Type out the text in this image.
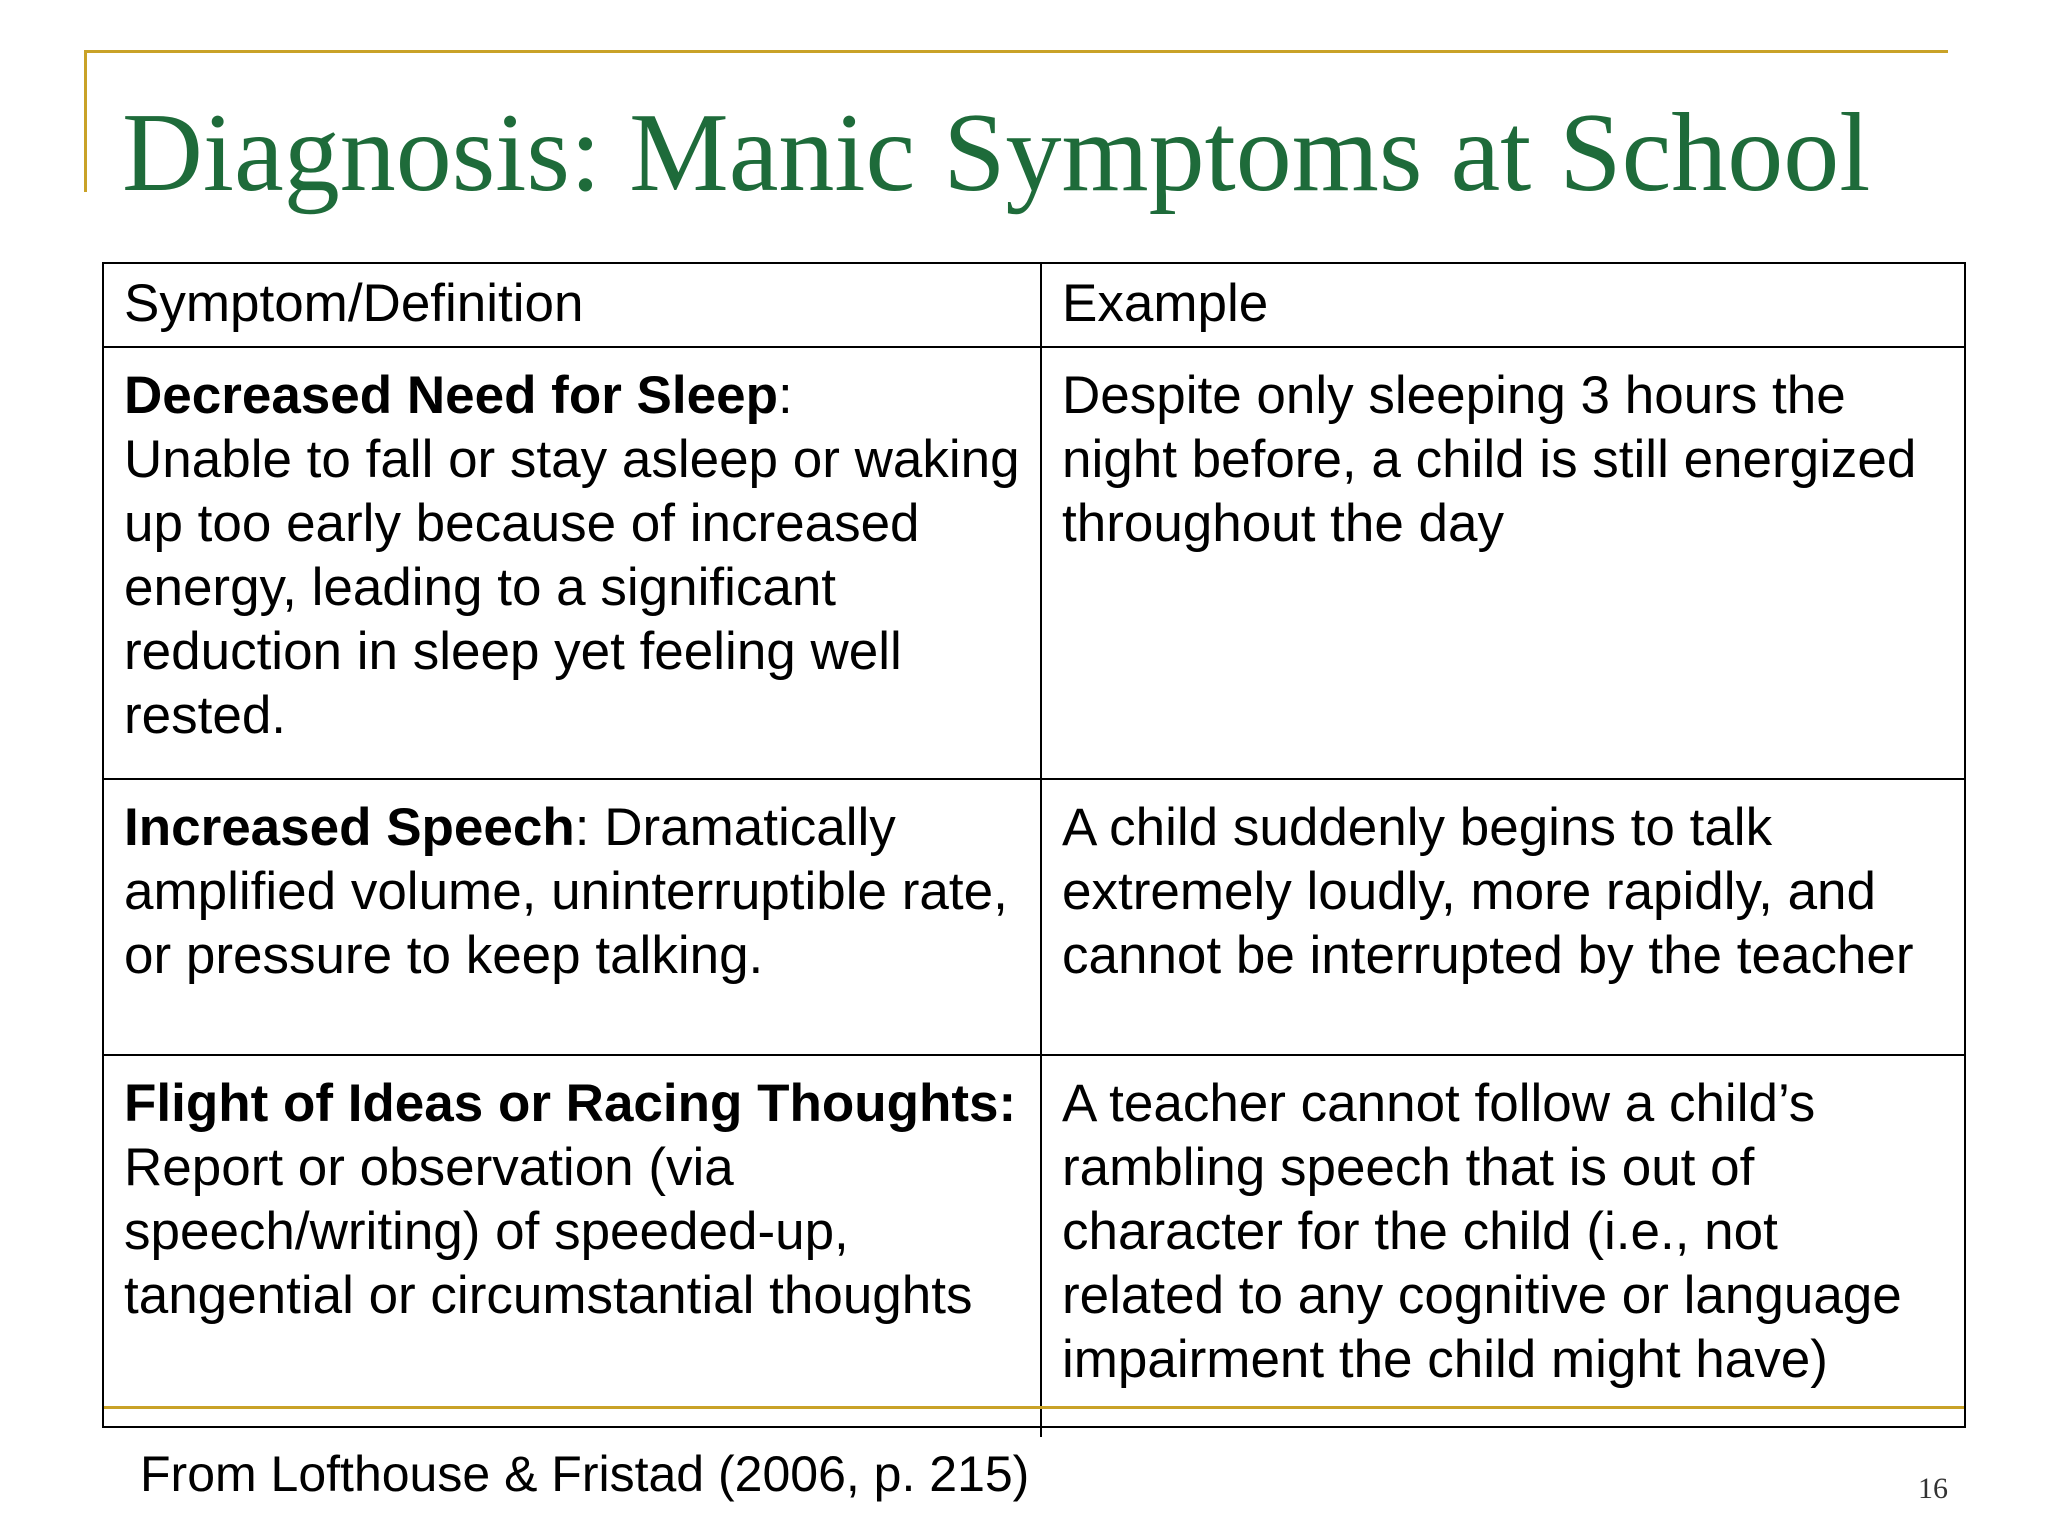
Diagnosis: Manic Symptoms at School
Symptom/Definition	Example
Decreased Need for Sleep:
Unable to fall or stay asleep or waking up too early because of increased energy, leading to a significant reduction in sleep yet feeling well rested.	Despite only sleeping 3 hours the night before, a child is still energized throughout the day
Increased Speech: Dramatically amplified volume, uninterruptible rate, or pressure to keep talking.	A child suddenly begins to talk extremely loudly, more rapidly, and cannot be interrupted by the teacher
Flight of Ideas or Racing Thoughts: Report or observation (via speech/writing) of speeded-up, tangential or circumstantial thoughts	A teacher cannot follow a child’s rambling speech that is out of character for the child (i.e., not related to any cognitive or language impairment the child might have)

From Lofthouse & Fristad (2006, p. 215)	16
